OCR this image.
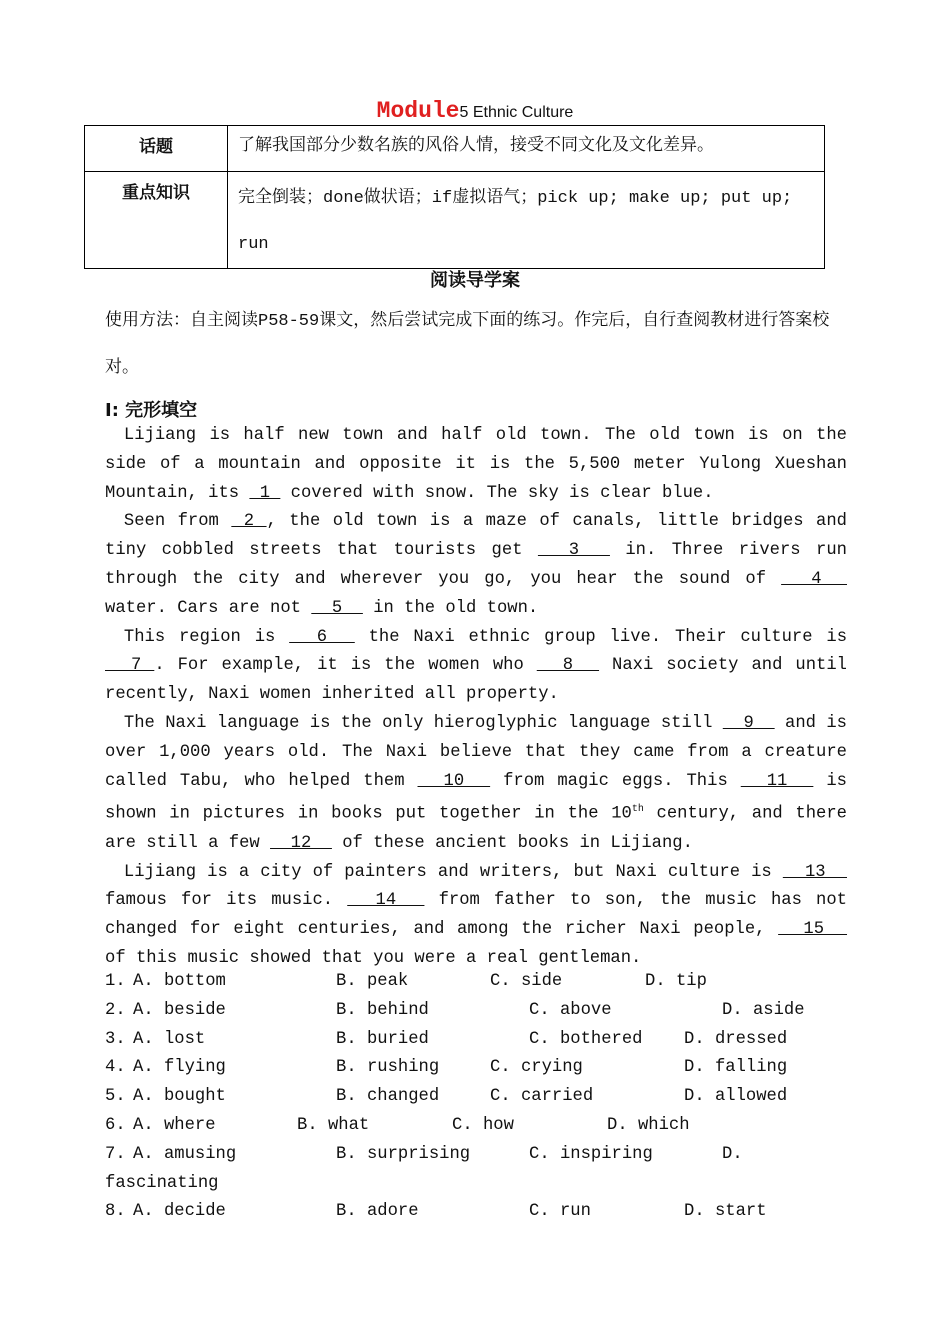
Module5 Ethnic Culture
话题	了解我国部分少数名族的风俗人情，接受不同文化及文化差异。
重点知识	完全倒装；done做状语；if虚拟语气；pick up; make up; put up; run
阅读导学案
使用方法：自主阅读P58-59课文，然后尝试完成下面的练习。作完后，自行查阅教材进行答案校对。
Ⅰ: 完形填空

Lijiang is half new town and half old town. The old town is on the side of a mountain and opposite it is the 5,500 meter Yulong Xueshan Mountain, its  1  covered with snow. The sky is clear blue.

Seen from  2 , the old town is a maze of canals, little bridges and tiny cobbled streets that tourists get   3   in. Three rivers run through the city and wherever you go, you hear the sound of   4   water. Cars are not   5   in the old town.

This region is   6   the Naxi ethnic group live. Their culture is   7 . For example, it is the women who   8   Naxi society and until recently, Naxi women inherited all property.

The Naxi language is the only hieroglyphic language still   9   and is over 1,000 years old. The Naxi believe that they came from a creature called Tabu, who helped them   10   from magic eggs. This   11   is shown in pictures in books put together in the 10th century, and there are still a few   12   of these ancient books in Lijiang.

Lijiang is a city of painters and writers, but Naxi culture is   13   famous for its music.   14   from father to son, the music has not changed for eight centuries, and among the richer Naxi people,   15   of this music showed that you were a real gentleman.

1. A. bottom	B. peak	C. side	D. tip
2. A. beside	B. behind	C. above	D. aside
3. A. lost	B. buried	C. bothered D. dressed
4. A. flying	B. rushing	C. crying	D. falling
5. A. bought	B. changed	C. carried	D. allowed
6. A. where	B. what	C. how	D. which
7. A. amusing	B. surprising	C. inspiring	D.
fascinating
8. A. decide	B. adore	C. run	D. start
